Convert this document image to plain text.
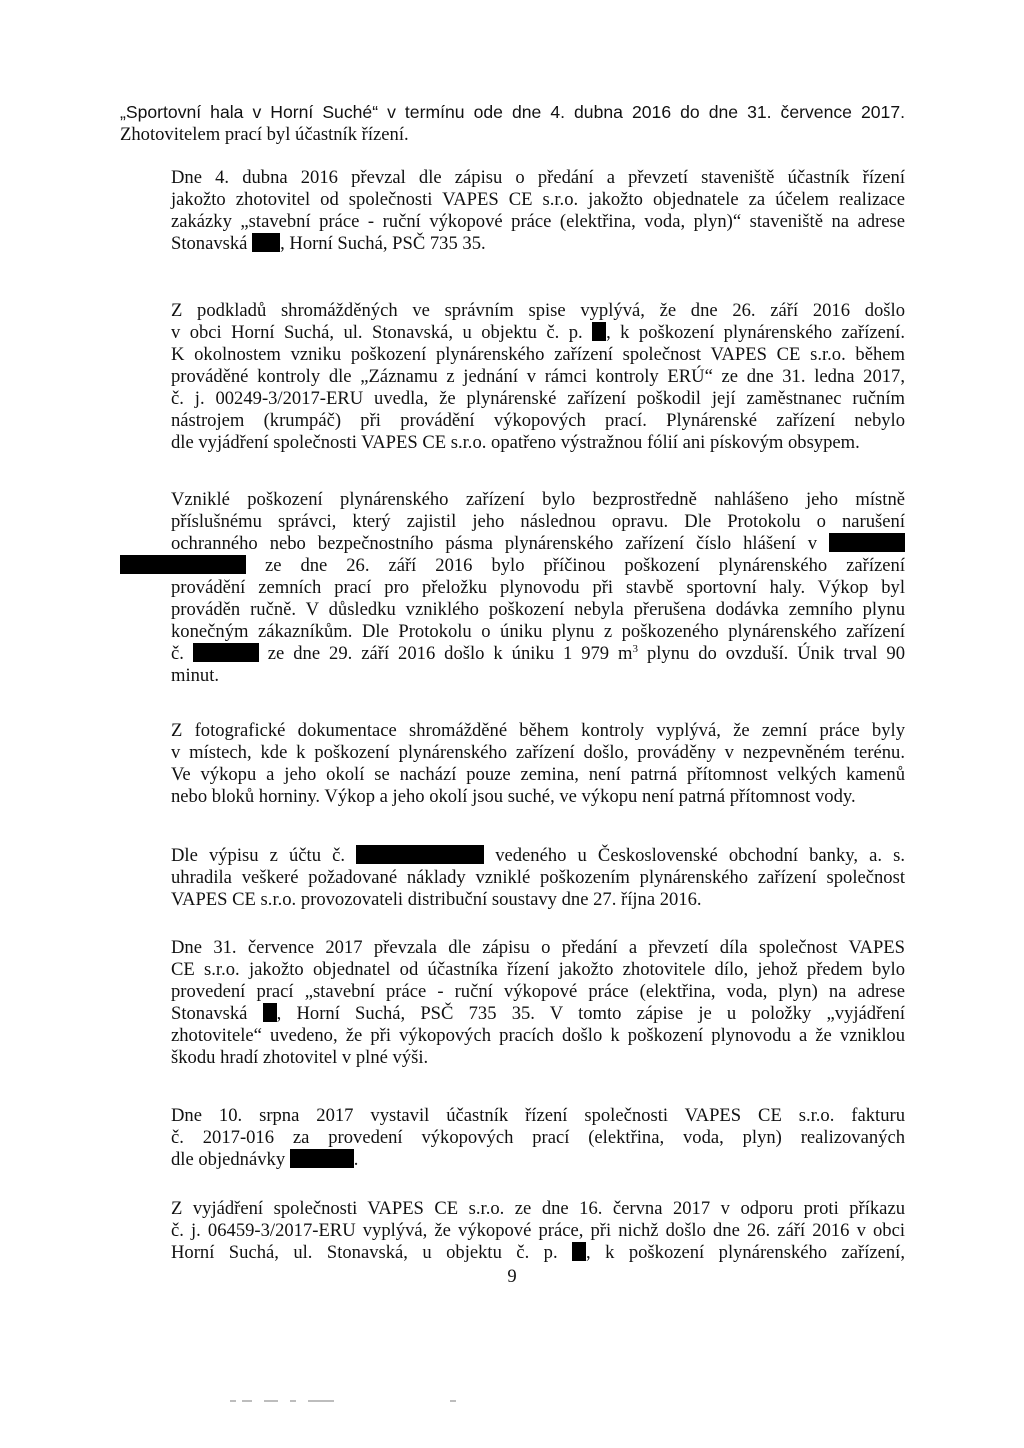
„Sportovní hala v Horní Suché“ v termínu ode dne 4. dubna 2016 do dne 31. července 2017.
Zhotovitelem prací byl účastník řízení.

Dne 4. dubna 2016 převzal dle zápisu o předání a převzetí staveniště účastník řízení
jakožto zhotovitel od společnosti VAPES CE s.r.o. jakožto objednatele za účelem realizace
zakázky „stavební práce - ruční výkopové práce (elektřina, voda, plyn)“ staveniště na adrese
Stonavská , Horní Suchá, PSČ 735 35.

Z podkladů shromážděných ve správním spise vyplývá, že dne 26. září 2016 došlo
v obci Horní Suchá, ul. Stonavská, u objektu č. p. , k poškození plynárenského zařízení.
K okolnostem vzniku poškození plynárenského zařízení společnost VAPES CE s.r.o. během
prováděné kontroly dle „Záznamu z jednání v rámci kontroly ERÚ“ ze dne 31. ledna 2017,
č. j. 00249-3/2017-ERU uvedla, že plynárenské zařízení poškodil její zaměstnanec ručním
nástrojem (krumpáč) při provádění výkopových prací. Plynárenské zařízení nebylo
dle vyjádření společnosti VAPES CE s.r.o. opatřeno výstražnou fólií ani pískovým obsypem.

Vzniklé poškození plynárenského zařízení bylo bezprostředně nahlášeno jeho místně
příslušnému správci, který zajistil jeho následnou opravu. Dle Protokolu o narušení
ochranného nebo bezpečnostního pásma plynárenského zařízení číslo hlášení v	[redacted]
[redacted]	ze dne 26. září 2016 bylo příčinou poškození plynárenského zařízení
provádění zemních prací pro přeložku plynovodu při stavbě sportovní haly. Výkop byl
prováděn ručně. V důsledku vzniklého poškození nebyla přerušena dodávka zemního plynu
konečným zákazníkům. Dle Protokolu o úniku plynu z poškozeného plynárenského zařízení
č.	[redacted] ze dne 29. září 2016 došlo k úniku 1 979 $m^3$ plynu do ovzduší. Únik trval 90
minut.

Z fotografické dokumentace shromážděné během kontroly vyplývá, že zemní práce byly
v místech, kde k poškození plynárenského zařízení došlo, prováděny v nezpevněném terénu.
Ve výkopu a jeho okolí se nachází pouze zemina, není patrná přítomnost velkých kamenů
nebo bloků horniny. Výkop a jeho okolí jsou suché, ve výkopu není patrná přítomnost vody.

Dle výpisu z účtu č.	[redacted]	vedeného u Československé obchodní banky, a. s.
uhradila veškeré požadované náklady vzniklé poškozením plynárenského zařízení společnost
VAPES CE s.r.o. provozovateli distribuční soustavy dne 27. října 2016.

Dne 31. července 2017 převzala dle zápisu o předání a převzetí díla společnost VAPES
CE s.r.o. jakožto objednatel od účastníka řízení jakožto zhotovitele dílo, jehož předem bylo
provedení prací „stavební práce - ruční výkopové práce (elektřina, voda, plyn) na adrese
Stonavská , Horní Suchá, PSČ 735 35. V tomto zápise je u položky „vyjádření
zhotovitele“ uvedeno, že při výkopových pracích došlo k poškození plynovodu a že vzniklou
škodu hradí zhotovitel v plné výši.

Dne 10. srpna 2017 vystavil účastník řízení společnosti VAPES CE s.r.o. fakturu
č. 2017-016 za provedení výkopových prací (elektřina, voda, plyn) realizovaných
dle objednávky	[redacted] .

Z vyjádření společnosti VAPES CE s.r.o. ze dne 16. června 2017 v odporu proti příkazu
č. j. 06459-3/2017-ERU vyplývá, že výkopové práce, při nichž došlo dne 26. září 2016 v obci
Horní Suchá, ul. Stonavská, u objektu č. p. , k poškození plynárenského zařízení,

9
